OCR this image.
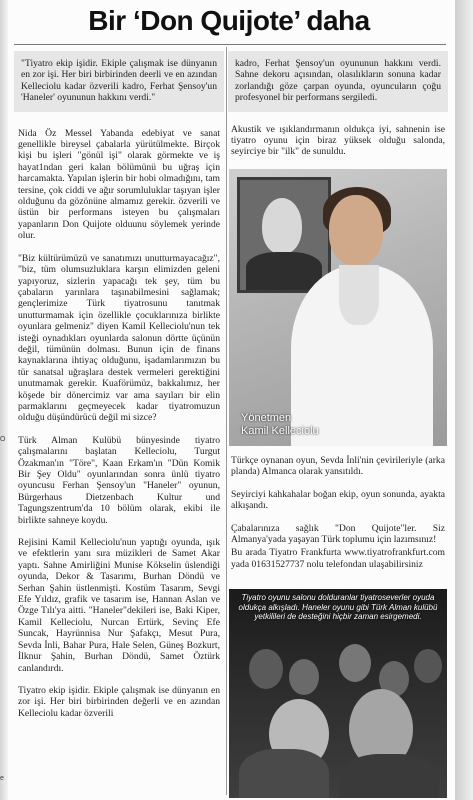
O
e
Bir ‘Don Quijote’ daha

"Tiyatro ekip işidir. Ekiple çalışmak ise dünyanın en zor işi. Her biri birbirinden deerli ve en azından Kelleciolu kadar özverili kadro, Ferhat Şensoy'un 'Haneler' oyununun hakkını verdi."

Nida Öz Messel Yabanda edebiyat ve sanat genellikle bireysel çabalarla yürütülmekte. Birçok kişi bu işleri "gönül işi" olarak görmekte ve iş hayat1ndan geri kalan bölümünü bu uğraş için harcamakta. Yapılan işlerin bir hobi olmadığını, tam tersine, çok ciddi ve ağır sorumluluklar taşıyan işler olduğunu da gözönüne almamız gerekir. özverili ve üstün bir performans isteyen bu çalışmaları yapanların Don Quijote olduunu söylemek yerinde olur.

"Biz kültürümüzü ve sanatımızı unutturmayacağız", "biz, tüm olumsuzluklara karşın elimizden geleni yapıyoruz, sizlerin yapacağı tek şey, tüm bu çabaların yarınlara taşınabilmesini sağlamak; gençlerimize Türk tiyatrosunu tanıtmak unutturmamak için özellikle çocuklarınıza birlikte oyunlara gelmeniz" diyen Kamil Kelleciolu'nun tek isteği oynadıkları oyunlarda salonun dörtte üçünün değil, tümünün dolması. Bunun için de finans kaynaklarına ihtiyaç olduğunu, işadamlarımızın bu tür sanatsal uğraşlara destek vermeleri gerektiğini unutmamak gerekir. Kuaförümüz, bakkalımız, her köşede bir dönercimiz var ama sayıları bir elin parmaklarını geçmeyecek kadar tiyatromuzun olduğu düşündürücü değil mi sizce?

Türk Alman Kulübü bünyesinde tiyatro çalışmalarını başlatan Kelleciolu, Turgut Özakman'ın "Töre", Kaan Erkam'ın "Dün Komik Bir Şey Oldu" oyunlarından sonra ünlü tiyatro oyuncusu Ferhan Şensoy'un "Haneler" oyunun, Bürgerhaus Dietzenbach Kultur und Tagungszentrum'da 10 bölüm olarak, ekibi ile birlikte sahneye koydu.

Rejisini Kamil Kelleciolu'nun yaptığı oyunda, ışık ve efektlerin yanı sıra müzikleri de Samet Akar yaptı. Sahne Amirliğini Munise Kökselin üslendiği oyunda, Dekor & Tasarımı, Burhan Döndü ve Serhan Şahin üstlenmişti. Kostüm Tasarım, Sevgi Efe Yıldız, grafik ve tasarım ise, Hannan Aslan ve Özge Tılı'ya aitti. "Haneler"dekileri ise, Baki Kiper, Kamil Kelleciolu, Nurcan Ertürk, Sevinç Efe Suncak, Hayrünnisa Nur Şafakçı, Mesut Pura, Sevda İnli, Bahar Pura, Hale Selen, Güneş Bozkurt, İlknur Şahin, Burhan Döndü, Samet Öztürk canlandırdı.

Tiyatro ekip işidir. Ekiple çalışmak ise dünyanın en zor işi. Her biri birbirinden değerli ve en azından Kelleciolu kadar özverili

kadro, Ferhat Şensoy'un oyununun hakkını verdi. Sahne dekoru açısından, olasılıkların sonuna kadar zorlandığı göze çarpan oyunda, oyuncuların çoğu profesyonel bir performans sergiledi.

Akustik ve ışıklandırmanın oldukça iyi, sahnenin ise tiyatro oyunu için biraz yüksek olduğu salonda, seyirciye bir "ilk" de sunuldu.

Yönetmen
Kamil Kelleciolu

Türkçe oynanan oyun, Sevda İnli'nin çevirileriyle (arka planda) Almanca olarak yansıtıldı.

Seyirciyi kahkahalar boğan ekip, oyun sonunda, ayakta alkışandı.

Çabalarınıza sağlık "Don Quijote"ler. Siz Almanya'yada yaşayan Türk toplumu için lazımsınız!

Bu arada Tiyatro Frankfurta www.tiyatrofrankfurt.com yada 01631527737 nolu telefondan ulaşabilirsiniz

Tiyatro oyunu salonu dolduranlar tiyatroseverler oyuda oldukça alkışladı. Haneler oyunu gibi Türk Alman kulübü yetkilileri de desteğini hiçbir zaman esirgemedi.
